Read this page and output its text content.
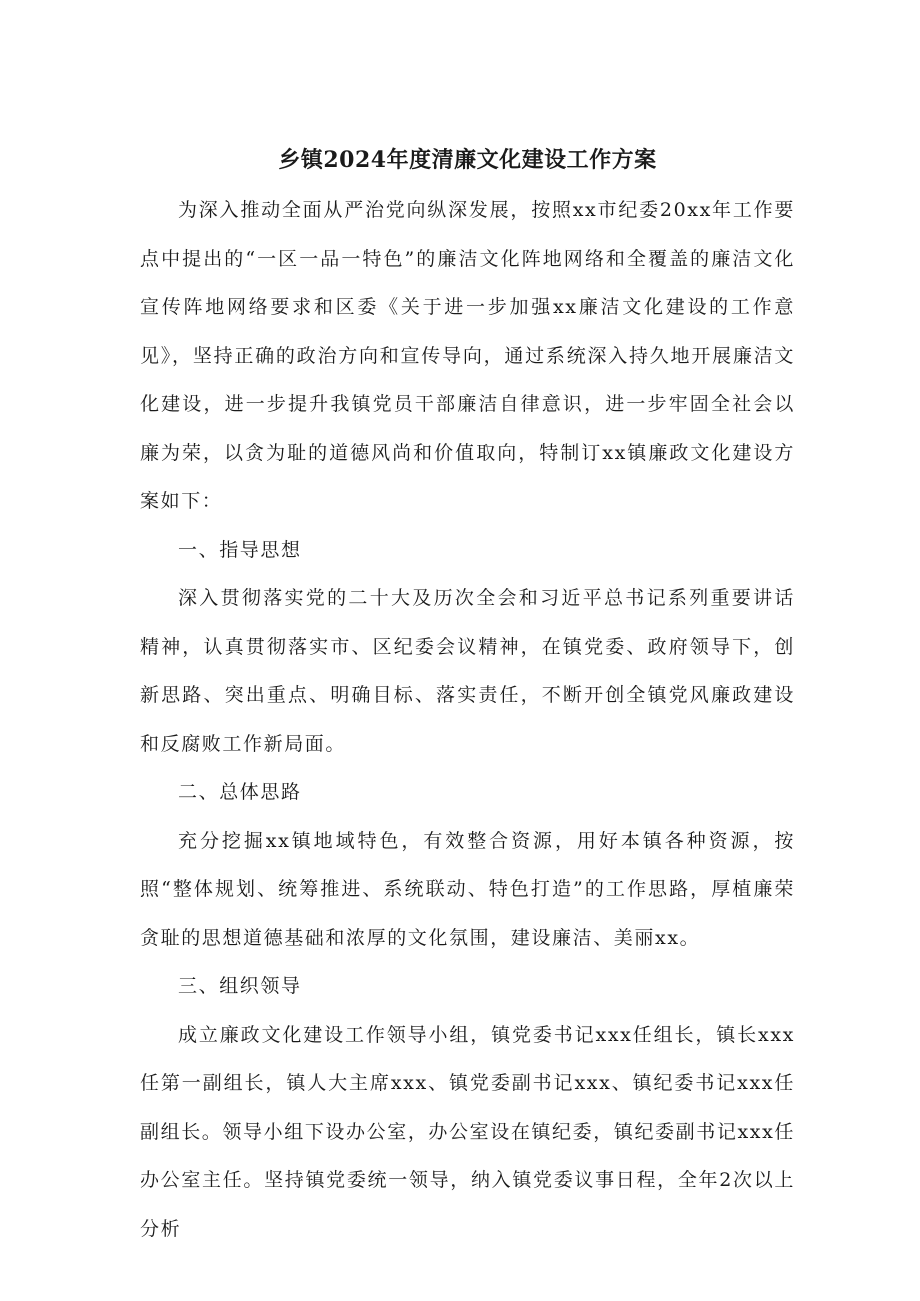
乡镇2024年度清廉文化建设工作方案

为深入推动全面从严治党向纵深发展，按照xx市纪委20xx年工作要点中提出的“一区一品一特色”的廉洁文化阵地网络和全覆盖的廉洁文化宣传阵地网络要求和区委《关于进一步加强xx廉洁文化建设的工作意见》，坚持正确的政治方向和宣传导向，通过系统深入持久地开展廉洁文化建设，进一步提升我镇党员干部廉洁自律意识，进一步牢固全社会以廉为荣，以贪为耻的道德风尚和价值取向，特制订xx镇廉政文化建设方案如下：

一、指导思想

深入贯彻落实党的二十大及历次全会和习近平总书记系列重要讲话精神，认真贯彻落实市、区纪委会议精神，在镇党委、政府领导下，创新思路、突出重点、明确目标、落实责任，不断开创全镇党风廉政建设和反腐败工作新局面。

二、总体思路

充分挖掘xx镇地域特色，有效整合资源，用好本镇各种资源，按照“整体规划、统筹推进、系统联动、特色打造”的工作思路，厚植廉荣贪耻的思想道德基础和浓厚的文化氛围，建设廉洁、美丽xx。

三、组织领导

成立廉政文化建设工作领导小组，镇党委书记xxx任组长，镇长xxx任第一副组长，镇人大主席xxx、镇党委副书记xxx、镇纪委书记xxx任副组长。领导小组下设办公室，办公室设在镇纪委，镇纪委副书记xxx任办公室主任。坚持镇党委统一领导，纳入镇党委议事日程，全年2次以上分析
